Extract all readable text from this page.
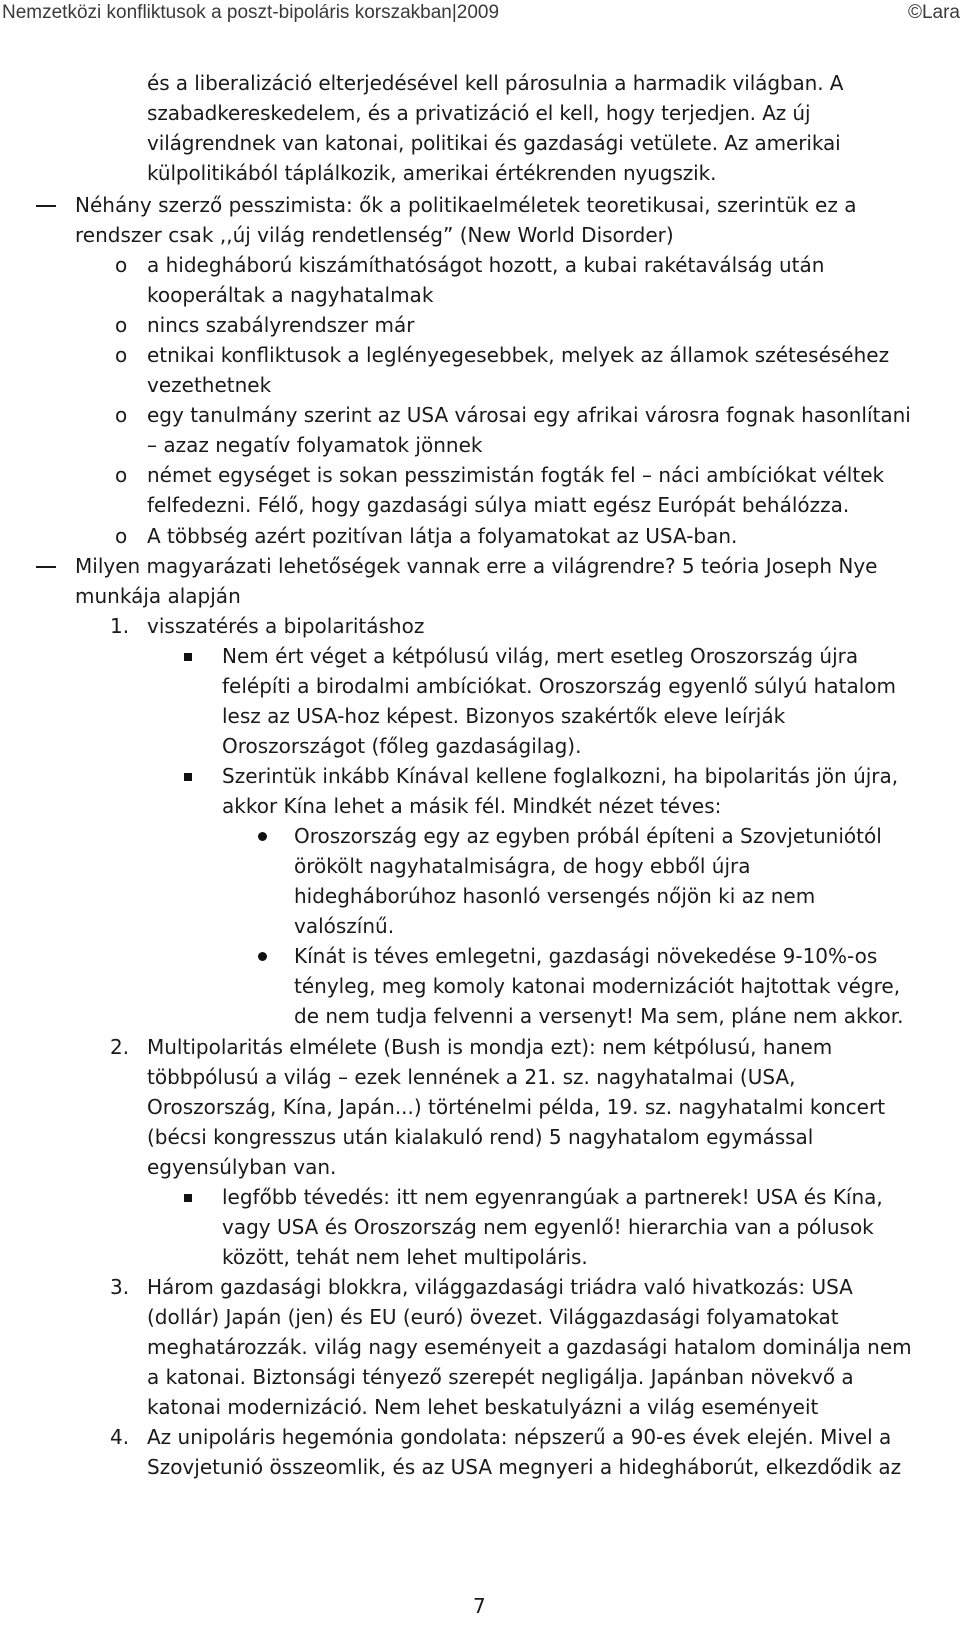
Nemzetközi konfliktusok a poszt-bipoláris korszakban|2009	©Lara
és a liberalizáció elterjedésével kell párosulnia a harmadik világban. A
szabadkereskedelem, és a privatizáció el kell, hogy terjedjen. Az új
világrendnek van katonai, politikai és gazdasági vetülete. Az amerikai
külpolitikából táplálkozik, amerikai értékrenden nyugszik.
Néhány szerző pesszimista: ők a politikaelméletek teoretikusai, szerintük ez a
rendszer csak ,,új világ rendetlenség” (New World Disorder)
o a hidegháború kiszámíthatóságot hozott, a kubai rakétaválság után
kooperáltak a nagyhatalmak
o nincs szabályrendszer már
o etnikai konfliktusok a leglényegesebbek, melyek az államok széteséséhez
vezethetnek
o egy tanulmány szerint az USA városai egy afrikai városra fognak hasonlítani
– azaz negatív folyamatok jönnek
o német egységet is sokan pesszimistán fogták fel – náci ambíciókat véltek
felfedezni. Félő, hogy gazdasági súlya miatt egész Európát behálózza.
o A többség azért pozitívan látja a folyamatokat az USA-ban.
Milyen magyarázati lehetőségek vannak erre a világrendre? 5 teória Joseph Nye
munkája alapján
1. visszatérés a bipolaritáshoz
Nem ért véget a kétpólusú világ, mert esetleg Oroszország újra
felépíti a birodalmi ambíciókat. Oroszország egyenlő súlyú hatalom
lesz az USA-hoz képest. Bizonyos szakértők eleve leírják
Oroszországot (főleg gazdaságilag).
Szerintük inkább Kínával kellene foglalkozni, ha bipolaritás jön újra,
akkor Kína lehet a másik fél. Mindkét nézet téves:
Oroszország egy az egyben próbál építeni a Szovjetuniótól
örökölt nagyhatalmiságra, de hogy ebből újra
hidegháborúhoz hasonló versengés nőjön ki az nem
valószínű.
Kínát is téves emlegetni, gazdasági növekedése 9-10%-os
tényleg, meg komoly katonai modernizációt hajtottak végre,
de nem tudja felvenni a versenyt! Ma sem, pláne nem akkor.
2. Multipolaritás elmélete (Bush is mondja ezt): nem kétpólusú, hanem
többpólusú a világ – ezek lennének a 21. sz. nagyhatalmai (USA,
Oroszország, Kína, Japán...) történelmi példa, 19. sz. nagyhatalmi koncert
(bécsi kongresszus után kialakuló rend) 5 nagyhatalom egymással
egyensúlyban van.
legfőbb tévedés: itt nem egyenrangúak a partnerek! USA és Kína,
vagy USA és Oroszország nem egyenlő! hierarchia van a pólusok
között, tehát nem lehet multipoláris.
3. Három gazdasági blokkra, világgazdasági triádra való hivatkozás: USA
(dollár) Japán (jen) és EU (euró) övezet. Világgazdasági folyamatokat
meghatározzák. világ nagy eseményeit a gazdasági hatalom dominálja nem
a katonai. Biztonsági tényező szerepét negligálja. Japánban növekvő a
katonai modernizáció. Nem lehet beskatulyázni a világ eseményeit
4. Az unipoláris hegemónia gondolata: népszerű a 90-es évek elején. Mivel a
Szovjetunió összeomlik, és az USA megnyeri a hidegháborút, elkezdődik az
7
